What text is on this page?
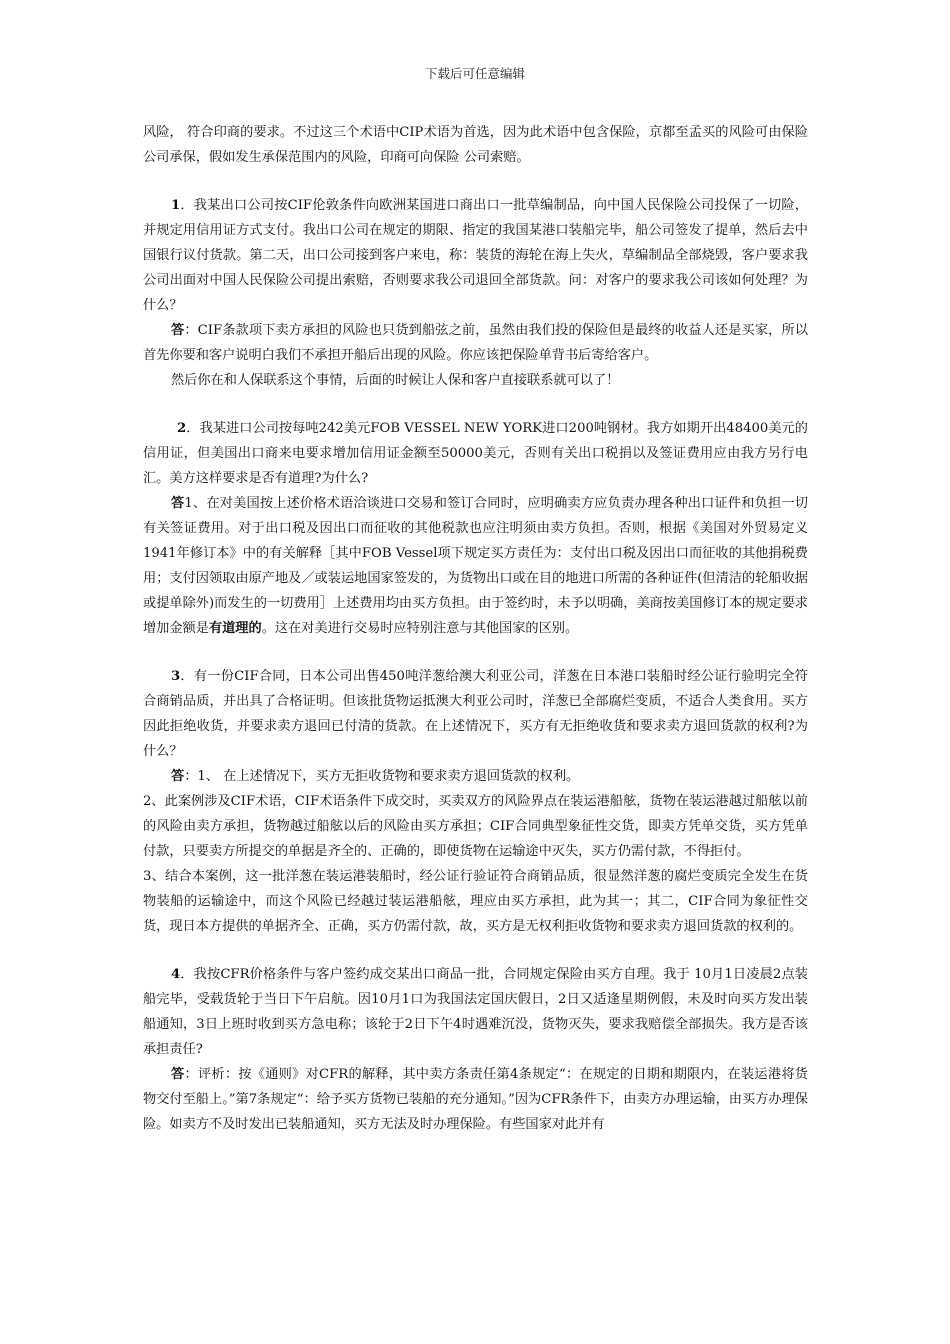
下载后可任意编辑

风险， 符合印商的要求。不过这三个术语中CIP术语为首选，因为此术语中包含保险，京都至孟买的风险可由保险公司承保，假如发生承保范围内的风险，印商可向保险 公司索赔。

1．我某出口公司按CIF伦敦条件向欧洲某国进口商出口一批草编制品，向中国人民保险公司投保了一切险，并规定用信用证方式支付。我出口公司在规定的期限、指定的我国某港口装船完毕，船公司签发了提单，然后去中国银行议付货款。第二天，出口公司接到客户来电，称：装货的海轮在海上失火，草编制品全部烧毁，客户要求我公司出面对中国人民保险公司提出索赔，否则要求我公司退回全部货款。问：对客户的要求我公司该如何处理？为什么？

答：CIF条款项下卖方承担的风险也只货到船弦之前，虽然由我们投的保险但是最终的收益人还是买家，所以首先你要和客户说明白我们不承担开船后出现的风险。你应该把保险单背书后寄给客户。

然后你在和人保联系这个事情，后面的时候让人保和客户直接联系就可以了！

2．我某进口公司按每吨242美元FOB VESSEL NEW YORK进口200吨钢材。我方如期开出48400美元的信用证，但美国出口商来电要求增加信用证金额至50000美元，否则有关出口税捐以及签证费用应由我方另行电汇。美方这样要求是否有道理?为什么?

答1、在对美国按上述价格术语洽谈进口交易和签订合同时，应明确卖方应负责办理各种出口证件和负担一切有关签证费用。对于出口税及因出口而征收的其他税款也应注明须由卖方负担。否则，根据《美国对外贸易定义1941年修订本》中的有关解释［其中FOB Vessel项下规定买方责任为：支付出口税及因出口而征收的其他捐税费用；支付因领取由原产地及／或装运地国家签发的，为货物出口或在目的地进口所需的各种证件(但清洁的轮船收据或提单除外)而发生的一切费用］上述费用均由买方负担。由于签约时，未予以明确，美商按美国修订本的规定要求增加金额是有道理的。这在对美进行交易时应特别注意与其他国家的区别。

3．有一份CIF合同，日本公司出售450吨洋葱给澳大利亚公司，洋葱在日本港口装船时经公证行验明完全符合商销品质，并出具了合格证明。但该批货物运抵澳大利亚公司时，洋葱已全部腐烂变质，不适合人类食用。买方因此拒绝收货，并要求卖方退回已付清的货款。在上述情况下，买方有无拒绝收货和要求卖方退回货款的权利?为什么？

答：1、 在上述情况下，买方无拒收货物和要求卖方退回货款的权利。

2、此案例涉及CIF术语，CIF术语条件下成交时，买卖双方的风险界点在装运港船舷，货物在装运港越过船舷以前的风险由卖方承担，货物越过船舷以后的风险由买方承担；CIF合同典型象征性交货，即卖方凭单交货，买方凭单付款，只要卖方所提交的单据是齐全的、正确的，即使货物在运输途中灭失，买方仍需付款，不得拒付。

3、结合本案例，这一批洋葱在装运港装船时，经公证行验证符合商销品质，很显然洋葱的腐烂变质完全发生在货物装船的运输途中，而这个风险已经越过装运港船舷，理应由买方承担，此为其一；其二，CIF合同为象征性交货，现日本方提供的单据齐全、正确，买方仍需付款，故，买方是无权利拒收货物和要求卖方退回货款的权利的。

4．我按CFR价格条件与客户签约成交某出口商品一批，合同规定保险由买方自理。我于 10月1日凌晨2点装船完毕，受载货轮于当日下午启航。因10月1口为我国法定国庆假日，2日又适逢星期例假，未及时向买方发出装船通知，3日上班时收到买方急电称；该轮于2日下午4时遇难沉没，货物灭失，要求我赔偿全部损失。我方是否该承担责任?

答：评析：按《通则》对CFR的解释，其中卖方条责任第4条规定“：在规定的日期和期限内，在装运港将货物交付至船上。”第7条规定“：给予买方货物已装船的充分通知。”因为CFR条件下，由卖方办理运输，由买方办理保险。如卖方不及时发出已装船通知，买方无法及时办理保险。有些国家对此并有
